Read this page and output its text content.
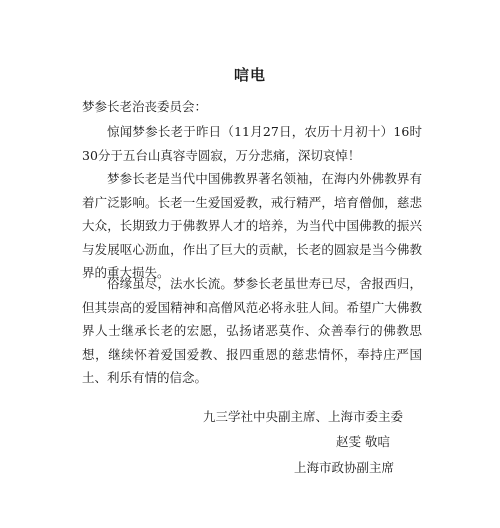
唁电
梦参长老治丧委员会：

惊闻梦参长老于昨日（11月27日，农历十月初十）16时30分于五台山真容寺圆寂，万分悲痛，深切哀悼！

梦参长老是当代中国佛教界著名领袖，在海内外佛教界有着广泛影响。长老一生爱国爱教，戒行精严，培育僧伽，慈悲大众，长期致力于佛教界人才的培养，为当代中国佛教的振兴与发展呕心沥血，作出了巨大的贡献，长老的圆寂是当今佛教界的重大损失。

俗缘虽尽，法水长流。梦参长老虽世寿已尽，舍报西归，但其崇高的爱国精神和高僧风范必将永驻人间。希望广大佛教界人士继承长老的宏愿，弘扬诸恶莫作、众善奉行的佛教思想，继续怀着爱国爱教、报四重恩的慈悲情怀，奉持庄严国土、利乐有情的信念。

九三学社中央副主席、上海市委主委
赵雯 敬唁
上海市政协副主席
